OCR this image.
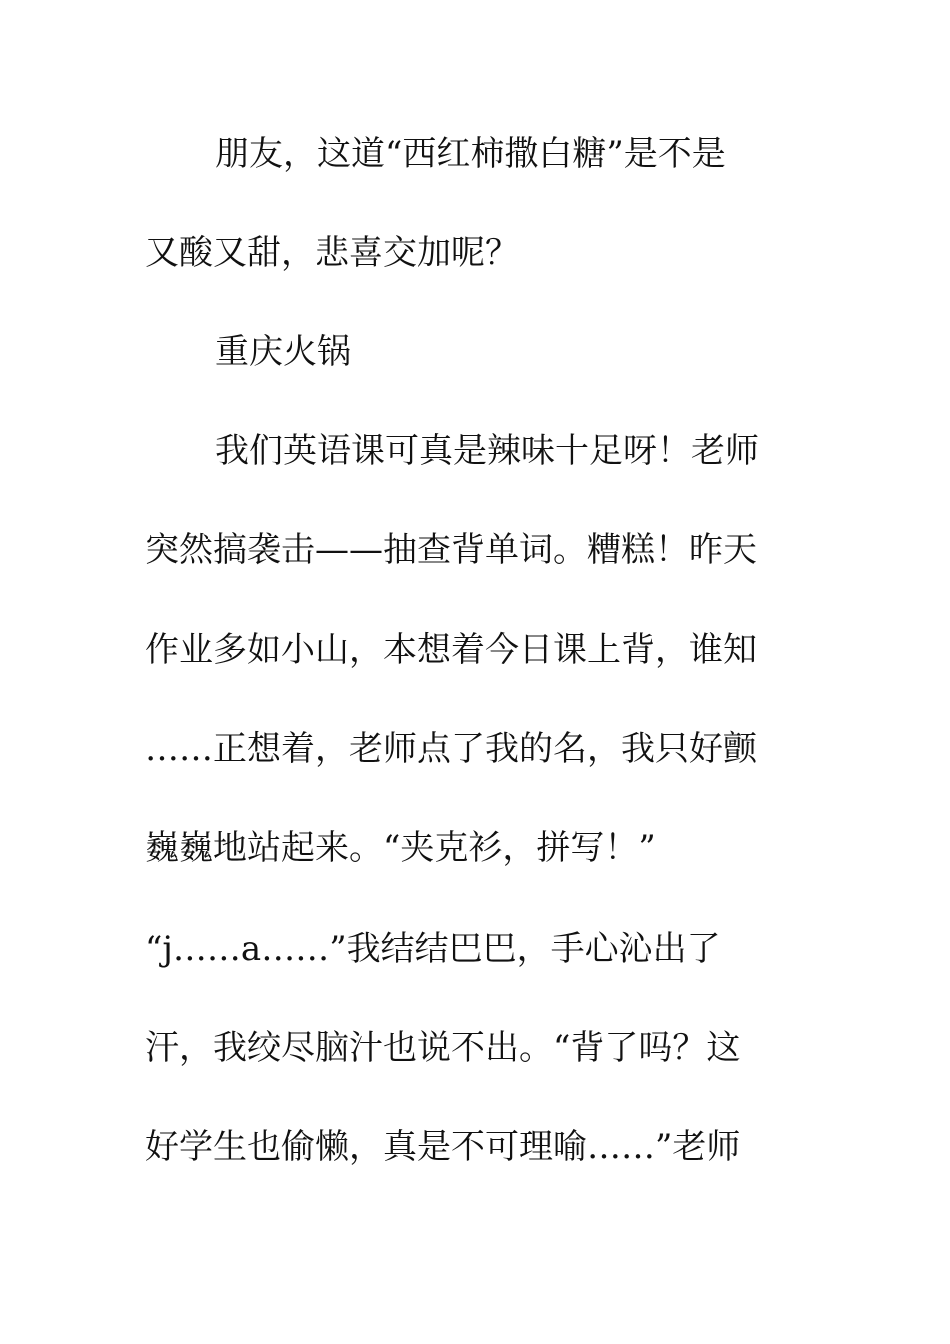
朋友，这道“西红柿撒白糖”是不是
又酸又甜，悲喜交加呢？
重庆火锅
我们英语课可真是辣味十足呀！老师
突然搞袭击——抽查背单词。糟糕！昨天
作业多如小山，本想着今日课上背，谁知
……正想着，老师点了我的名，我只好颤
巍巍地站起来。“夹克衫，拼写！”
“j……a……”我结结巴巴，手心沁出了
汗，我绞尽脑汁也说不出。“背了吗？这
好学生也偷懒，真是不可理喻……”老师
